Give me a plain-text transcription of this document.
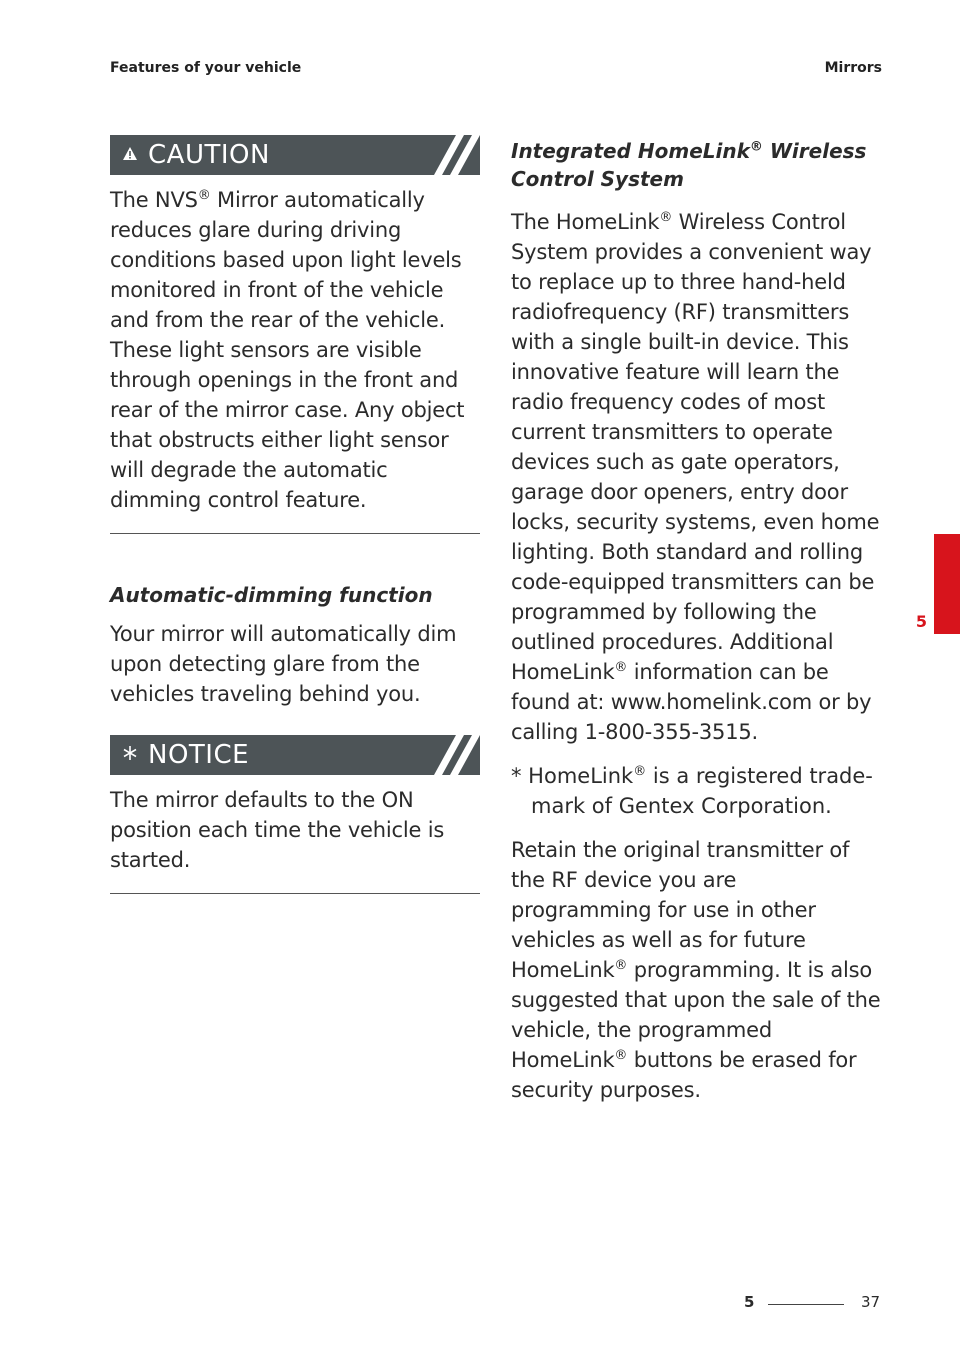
Features of your vehicle	Mirrors
CAUTION

The NVS® Mirror automatically reduces glare during driving conditions based upon light levels monitored in front of the vehicle and from the rear of the vehicle. These light sensors are visible through openings in the front and rear of the mirror case. Any object that obstructs either light sensor will degrade the automatic dimming control feature.

Automatic-dimming function

Your mirror will automatically dim upon detecting glare from the vehicles traveling behind you.

NOTICE

The mirror defaults to the ON position each time the vehicle is started.

Integrated HomeLink® Wireless Control System

The HomeLink® Wireless Control System provides a convenient way to replace up to three hand-held radiofrequency (RF) transmitters with a single built-in device. This innovative feature will learn the radio frequency codes of most current transmitters to operate devices such as gate operators, garage door openers, entry door locks, security systems, even home lighting. Both standard and rolling code-equipped transmitters can be programmed by following the outlined procedures. Additional HomeLink® information can be found at: www.homelink.com or by calling 1-800-355-3515.

* HomeLink® is a registered trade-
mark of Gentex Corporation.

Retain the original transmitter of the RF device you are programming for use in other vehicles as well as for future HomeLink® programming. It is also suggested that upon the sale of the vehicle, the programmed HomeLink® buttons be erased for security purposes.

5
5	37
